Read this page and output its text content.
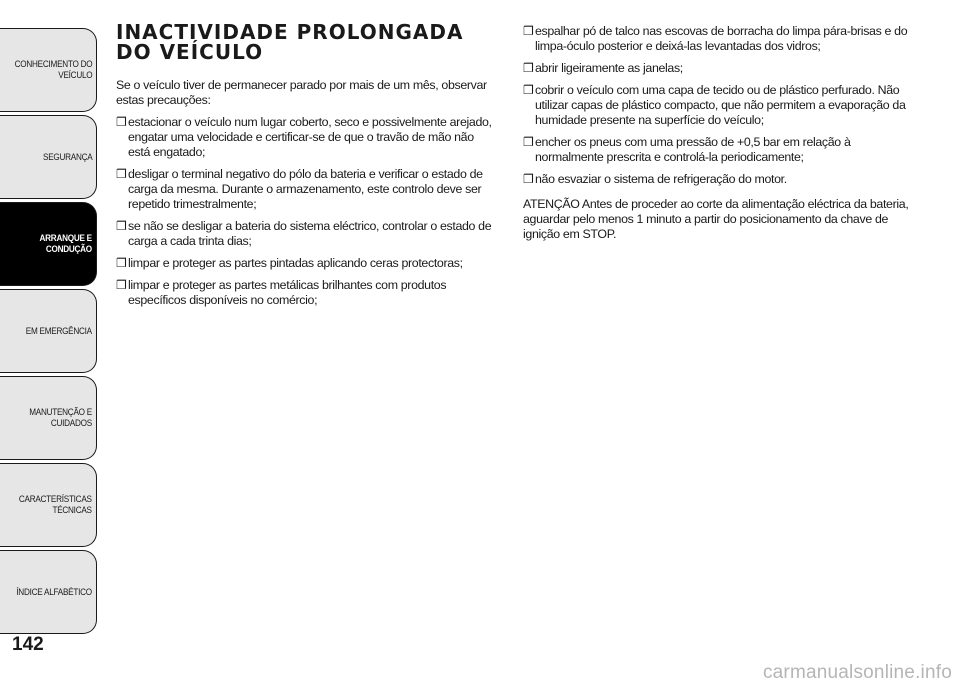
CONHECIMENTO DO
VEÍCULO
SEGURANÇA
ARRANQUE E
CONDUÇÃO
EM EMERGÊNCIA
MANUTENÇÃO E
CUIDADOS
CARACTERÍSTICAS
TÉCNICAS
ÍNDICE ALFABÉTICO
142
INACTIVIDADE PROLONGADA
DO VEÍCULO

Se o veículo tiver de permanecer parado por mais de um mês, observar estas precauções:

❒ estacionar o veículo num lugar coberto, seco e possivelmente arejado, engatar uma velocidade e certificar-se de que o travão de mão não está engatado;
❒ desligar o terminal negativo do pólo da bateria e verificar o estado de carga da mesma. Durante o armazenamento, este controlo deve ser repetido trimestralmente;
❒ se não se desligar a bateria do sistema eléctrico, controlar o estado de carga a cada trinta dias;
❒ limpar e proteger as partes pintadas aplicando ceras protectoras;
❒ limpar e proteger as partes metálicas brilhantes com produtos específicos disponíveis no comércio;
❒ espalhar pó de talco nas escovas de borracha do limpa pára-brisas e do limpa-óculo posterior e deixá-las levantadas dos vidros;
❒ abrir ligeiramente as janelas;
❒ cobrir o veículo com uma capa de tecido ou de plástico perfurado. Não utilizar capas de plástico compacto, que não permitem a evaporação da humidade presente na superfície do veículo;
❒ encher os pneus com uma pressão de +0,5 bar em relação à normalmente prescrita e controlá-la periodicamente;
❒ não esvaziar o sistema de refrigeração do motor.

ATENÇÃO Antes de proceder ao corte da alimentação eléctrica da bateria, aguardar pelo menos 1 minuto a partir do posicionamento da chave de ignição em STOP.

carmanualsonline.info
